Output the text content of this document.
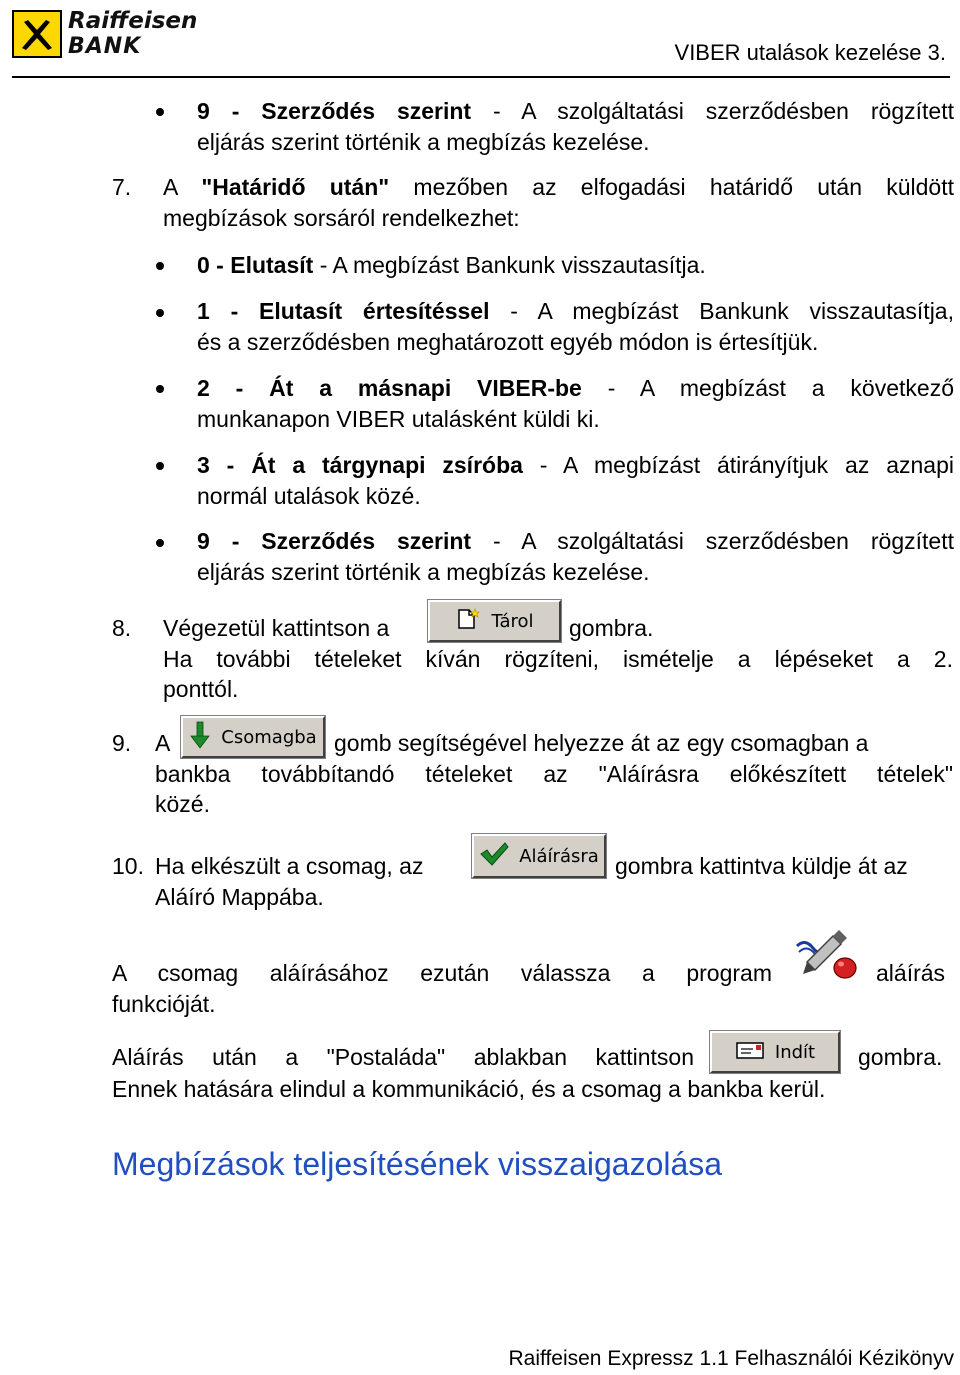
Raiffeisen
BANK	VIBER utalások kezelése 3.
9 - Szerződés szerint - A szolgáltatási szerződésben rögzített
eljárás szerint történik a megbízás kezelése.
7. A "Határidő után" mezőben az elfogadási határidő után küldött
megbízások sorsáról rendelkezhet:
0 - Elutasít - A megbízást Bankunk visszautasítja.
1 - Elutasít értesítéssel - A megbízást Bankunk visszautasítja,
és a szerződésben meghatározott egyéb módon is értesítjük.
2 - Át a másnapi VIBER-be - A megbízást a következő
munkanapon VIBER utalásként küldi ki.
3 - Át a tárgynapi zsíróba - A megbízást átirányítjuk az aznapi
normál utalások közé.
9 - Szerződés szerint - A szolgáltatási szerződésben rögzített
eljárás szerint történik a megbízás kezelése.
8. Végezetül kattintson a	Tárol gombra.
Ha további tételeket kíván rögzíteni, ismételje a lépéseket a 2.
ponttól.
9. A	Csomagba gomb segítségével helyezze át az egy csomagban a
bankba továbbítandó tételeket az "Aláírásra előkészített tételek"
közé.
10. Ha elkészült a csomag, az	Aláírásra gombra kattintva küldje át az
Aláíró Mappába.
A csomag aláírásához ezután válassza a program	aláírás
funkcióját.
Aláírás után a "Postaláda" ablakban kattintson	Indít gombra.
Ennek hatására elindul a kommunikáció, és a csomag a bankba kerül.
Megbízások teljesítésének visszaigazolása
Raiffeisen Expressz 1.1 Felhasználói Kézikönyv
